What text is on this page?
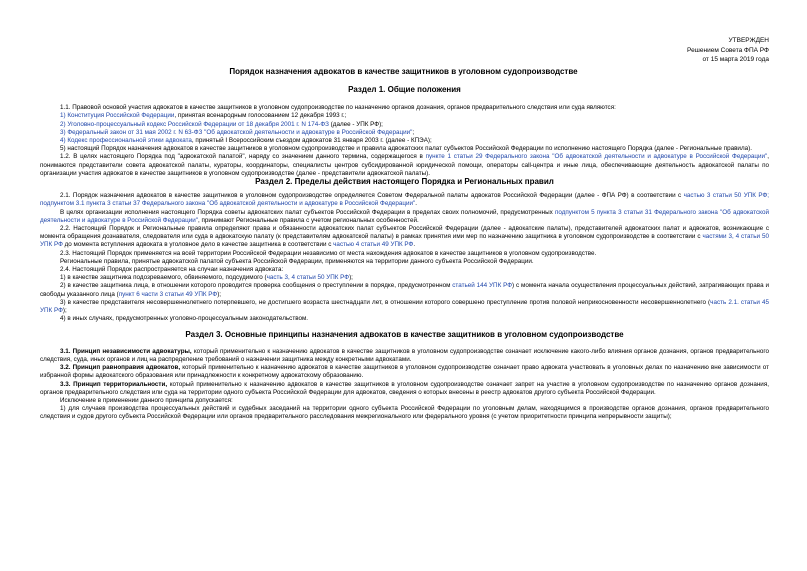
УТВЕРЖДЕН
Решением Совета ФПА РФ
от 15 марта 2019 года
Порядок назначения адвокатов в качестве защитников в уголовном судопроизводстве
Раздел 1. Общие положения

1.1. Правовой основой участия адвокатов в качестве защитников в уголовном судопроизводстве по назначению органов дознания, органов предварительного следствия или суда являются:

1) Конституция Российской Федерации, принятая всенародным голосованием 12 декабря 1993 г.;

2) Уголовно-процессуальный кодекс Российской Федерации от 18 декабря 2001 г. N 174-ФЗ (далее - УПК РФ);

3) Федеральный закон от 31 мая 2002 г. N 63-ФЗ "Об адвокатской деятельности и адвокатуре в Российской Федерации";

4) Кодекс профессиональной этики адвоката, принятый I Всероссийским съездом адвокатов 31 января 2003 г. (далее - КПЭА);

5) настоящий Порядок назначения адвокатов в качестве защитников в уголовном судопроизводстве и правила адвокатских палат субъектов Российской Федерации по исполнению настоящего Порядка (далее - Региональные правила).

1.2. В целях настоящего Порядка под "адвокатской палатой", наряду со значением данного термина, содержащегося в пункте 1 статьи 29 Федерального закона "Об адвокатской деятельности и адвокатуре в Российской Федерации", понимаются представители совета адвокатской палаты, кураторы, координаторы, специалисты центров субсидированной юридической помощи, операторы call-центра и иные лица, обеспечивающие деятельность адвокатской палаты по организации участия адвокатов в качестве защитников в уголовном судопроизводстве (далее - представители адвокатской палаты).

Раздел 2. Пределы действия настоящего Порядка и Региональных правил

2.1. Порядок назначения адвокатов в качестве защитников в уголовном судопроизводстве определяется Советом Федеральной палаты адвокатов Российской Федерации (далее - ФПА РФ) в соответствии с частью 3 статьи 50 УПК РФ; подпунктом 3.1 пункта 3 статьи 37 Федерального закона "Об адвокатской деятельности и адвокатуре в Российской Федерации".

В целях организации исполнения настоящего Порядка советы адвокатских палат субъектов Российской Федерации в пределах своих полномочий, предусмотренных подпунктом 5 пункта 3 статьи 31 Федерального закона "Об адвокатской деятельности и адвокатуре в Российской Федерации", принимают Региональные правила с учетом региональных особенностей.

2.2. Настоящий Порядок и Региональные правила определяют права и обязанности адвокатских палат субъектов Российской Федерации (далее - адвокатские палаты), представителей адвокатских палат и адвокатов, возникающие с момента обращения дознавателя, следователя или суда в адвокатскую палату (к представителям адвокатской палаты) в рамках принятия ими мер по назначению защитника в уголовном судопроизводстве в соответствии с частями 3, 4 статьи 50 УПК РФ до момента вступления адвоката в уголовное дело в качестве защитника в соответствии с частью 4 статьи 49 УПК РФ.

2.3. Настоящий Порядок применяется на всей территории Российской Федерации независимо от места нахождения адвокатов в качестве защитников в уголовном судопроизводстве.

Региональные правила, принятые адвокатской палатой субъекта Российской Федерации, применяются на территории данного субъекта Российской Федерации.

2.4. Настоящий Порядок распространяется на случаи назначения адвоката:

1) в качестве защитника подозреваемого, обвиняемого, подсудимого (часть 3, 4 статьи 50 УПК РФ);

2) в качестве защитника лица, в отношении которого проводится проверка сообщения о преступлении в порядке, предусмотренном статьей 144 УПК РФ) с момента начала осуществления процессуальных действий, затрагивающих права и свободы указанного лица (пункт 6 части 3 статьи 49 УПК РФ);

3) в качестве представителя несовершеннолетнего потерпевшего, не достигшего возраста шестнадцати лет, в отношении которого совершено преступление против половой неприкосновенности несовершеннолетнего (часть 2.1. статьи 45 УПК РФ);

4) в иных случаях, предусмотренных уголовно-процессуальным законодательством.

Раздел 3. Основные принципы назначения адвокатов в качестве защитников в уголовном судопроизводстве

3.1. Принцип независимости адвокатуры, который применительно к назначению адвокатов в качестве защитников в уголовном судопроизводстве означает исключение какого-либо влияния органов дознания, органов предварительного следствия, суда, иных органов и лиц на распределение требований о назначении защитника между конкретными адвокатами.

3.2. Принцип равноправия адвокатов, который применительно к назначению адвокатов в качестве защитников в уголовном судопроизводстве означает право адвоката участвовать в уголовных делах по назначению вне зависимости от избранной формы адвокатского образования или принадлежности к конкретному адвокатскому образованию.

3.3. Принцип территориальности, который применительно к назначению адвокатов в качестве защитников в уголовном судопроизводстве означает запрет на участие в уголовном судопроизводстве по назначению органов дознания, органов предварительного следствия или суда на территории одного субъекта Российской Федерации для адвокатов, сведения о которых внесены в реестр адвокатов другого субъекта Российской Федерации.

Исключение в применении данного принципа допускается:

1) для случаев производства процессуальных действий и судебных заседаний на территории одного субъекта Российской Федерации по уголовным делам, находящимся в производстве органов дознания, органов предварительного следствия и судов другого субъекта Российской Федерации или органов предварительного расследования межрегионального или федерального уровня (с учетом приоритетности принципа непрерывности защиты);
